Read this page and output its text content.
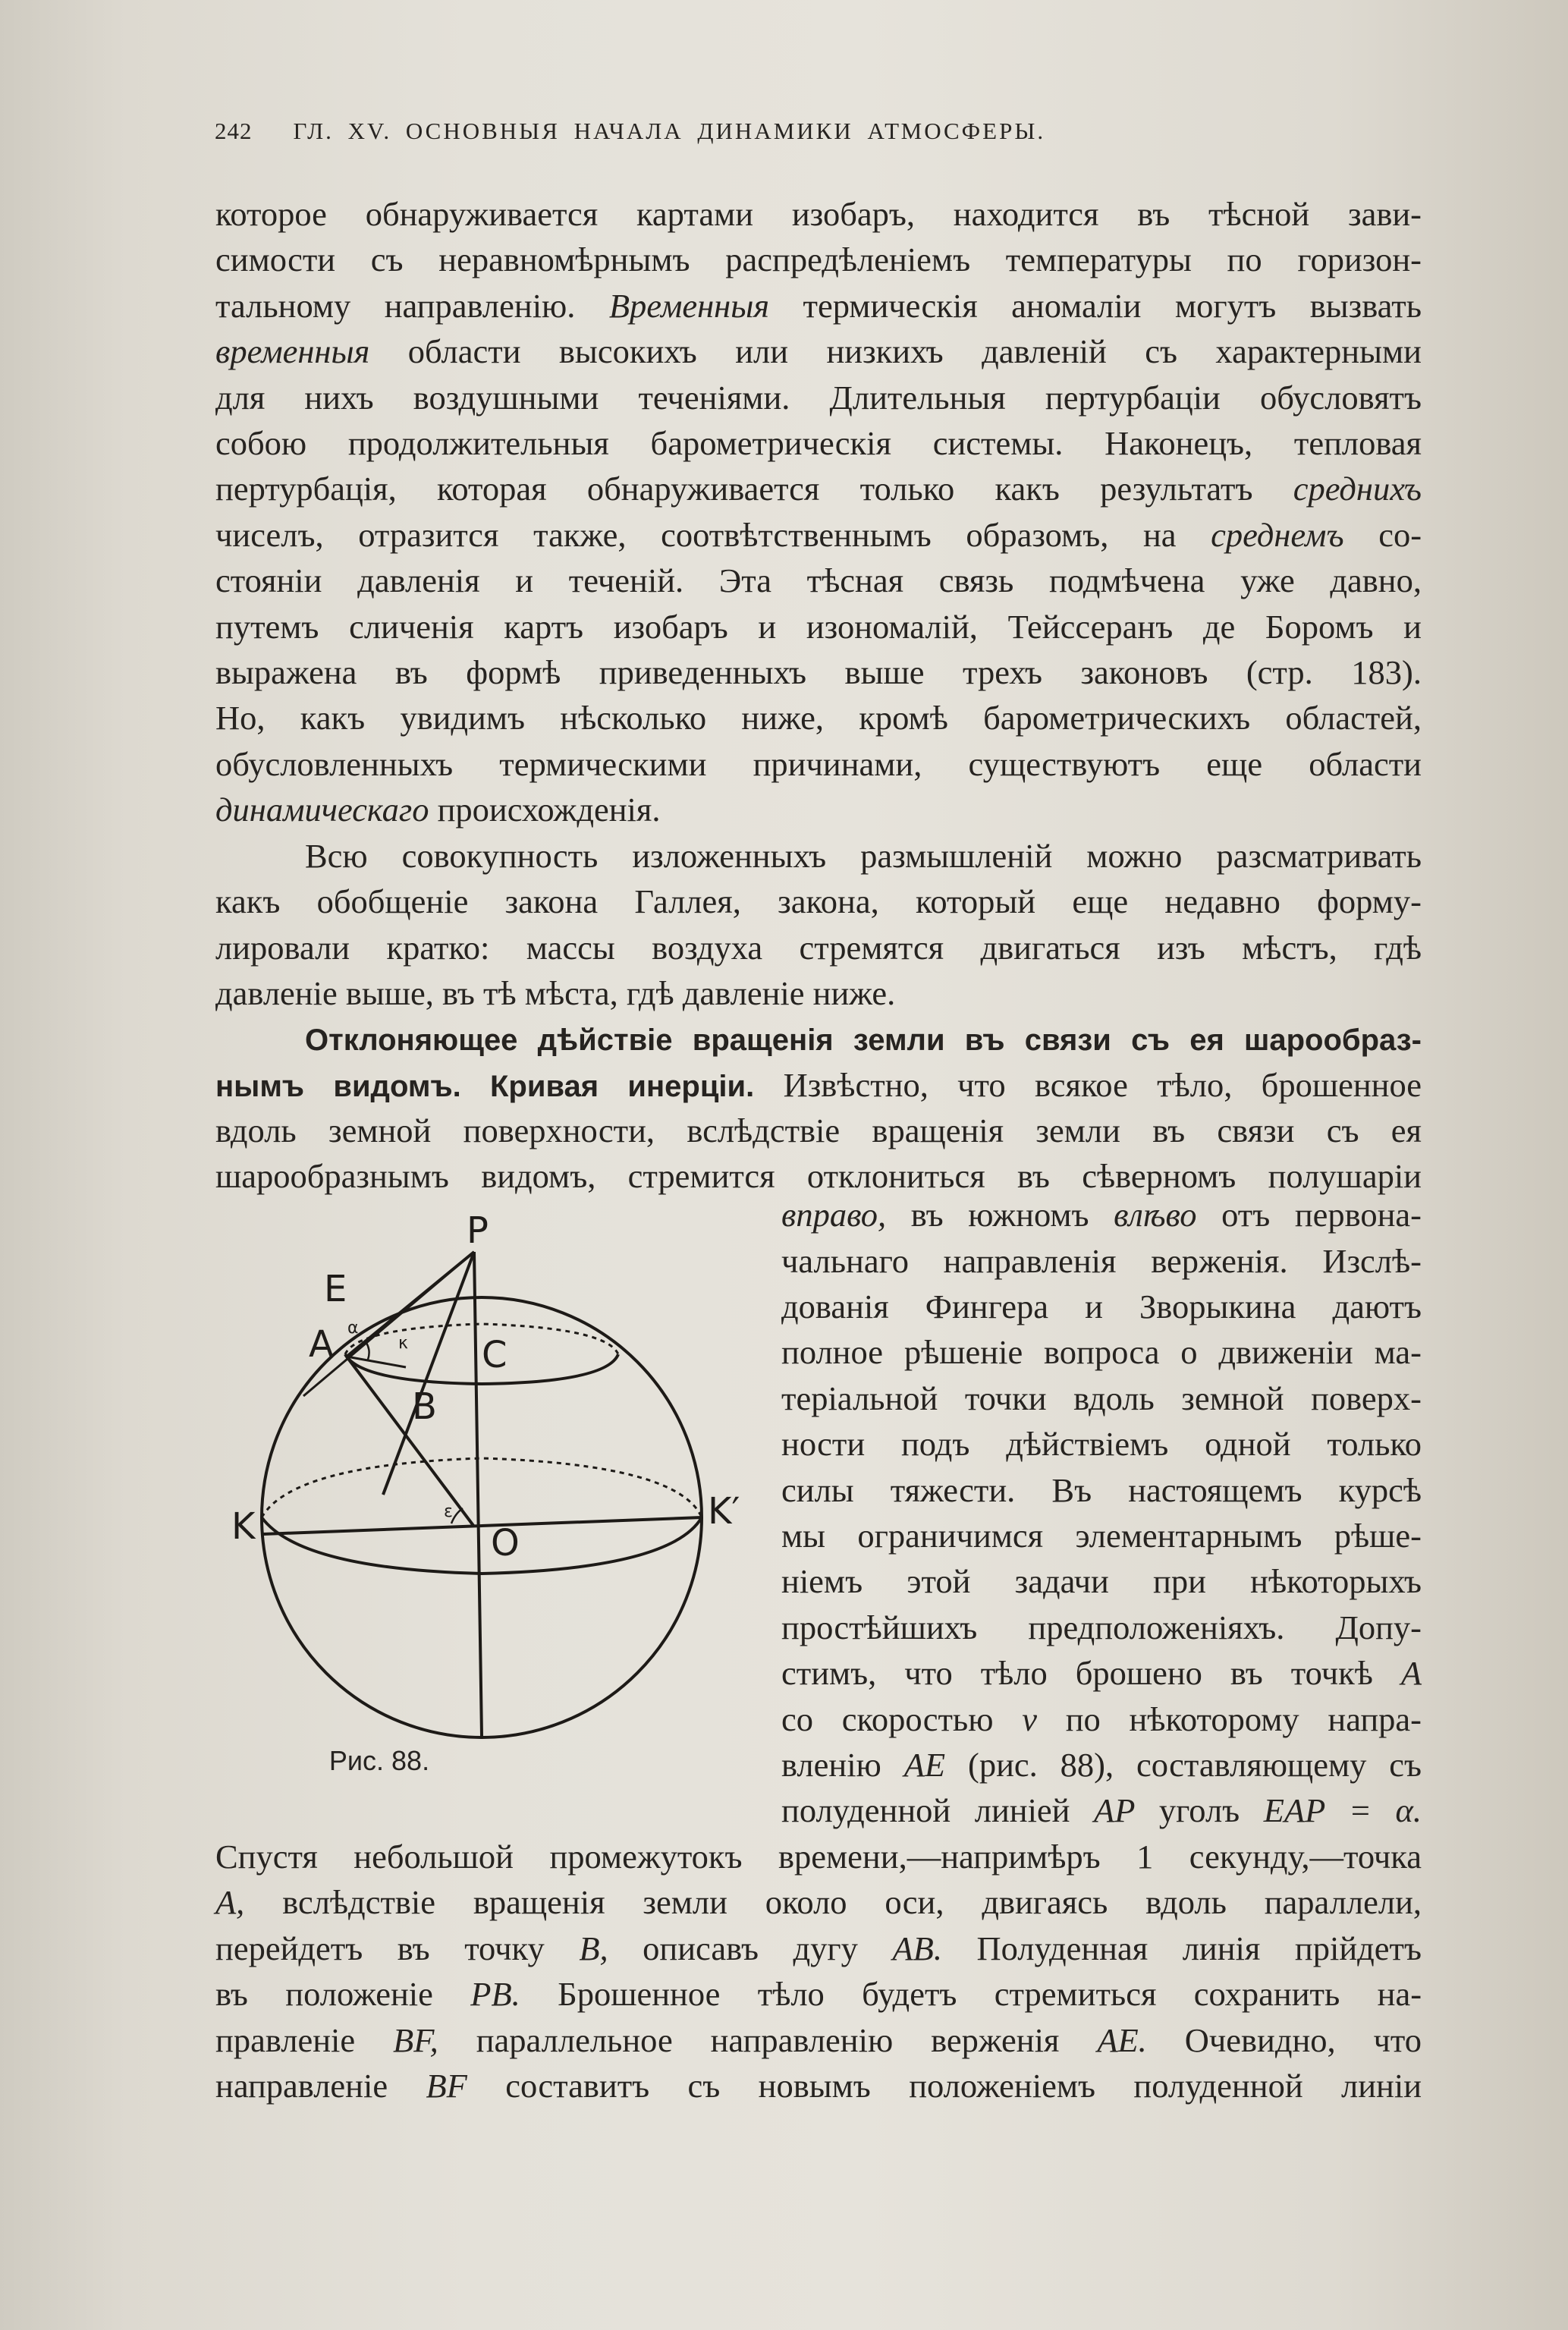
242 ГЛ. XV. ОСНОВНЫЯ НАЧАЛА ДИНАМИКИ АТМОСФЕРЫ.
которое обнаруживается картами изобаръ, находится въ тѣсной зави-
симости съ неравномѣрнымъ распредѣленіемъ температуры по горизон-
тальному направленію. Временныя термическія аномаліи могутъ вызвать
временныя области высокихъ или низкихъ давленій съ характерными
для нихъ воздушными теченіями. Длительныя пертурбаціи обусловятъ
собою продолжительныя барометрическія системы. Наконецъ, тепловая
пертурбація, которая обнаруживается только какъ результатъ среднихъ
чиселъ, отразится также, соотвѣтственнымъ образомъ, на среднемъ со-
стояніи давленія и теченій. Эта тѣсная связь подмѣчена уже давно,
путемъ сличенія картъ изобаръ и изономалій, Тейссеранъ де Боромъ и
выражена въ формѣ приведенныхъ выше трехъ законовъ (стр. 183).
Но, какъ увидимъ нѣсколько ниже, кромѣ барометрическихъ областей,
обусловленныхъ термическими причинами, существуютъ еще области
динамическаго происхожденія.
Всю совокупность изложенныхъ размышленій можно разсматривать
какъ обобщеніе закона Галлея, закона, который еще недавно форму-
лировали кратко: массы воздуха стремятся двигаться изъ мѣстъ, гдѣ
давленіе выше, въ тѣ мѣста, гдѣ давленіе ниже.
Отклоняющее дѣйствіе вращенія земли въ связи съ ея шарообраз-
нымъ видомъ. Кривая инерціи. Извѣстно, что всякое тѣло, брошенное
вдоль земной поверхности, вслѣдствіе вращенія земли въ связи съ ея
шарообразнымъ видомъ, стремится отклониться въ сѣверномъ полушаріи
вправо, въ южномъ влѣво отъ первона-
чальнаго направленія верженія. Изслѣ-
дованія Фингера и Зворыкина даютъ
полное рѣшеніе вопроса о движеніи ма-
теріальной точки вдоль земной поверх-
ности подъ дѣйствіемъ одной только
силы тяжести. Въ настоящемъ курсѣ
мы ограничимся элементарнымъ рѣше-
ніемъ этой задачи при нѣкоторыхъ
простѣйшихъ предположеніяхъ. Допу-
стимъ, что тѣло брошено въ точкѣ A
со скоростью v по нѣкоторому напра-
вленію AE (рис. 88), составляющему съ
полуденной линіей AP уголъ EAP = α.
Спустя небольшой промежутокъ времени,—напримѣръ 1 секунду,—точка
A, вслѣдствіе вращенія земли около оси, двигаясь вдоль параллели,
перейдетъ въ точку B, описавъ дугу AB. Полуденная линія прійдетъ
въ положеніе PB. Брошенное тѣло будетъ стремиться сохранить на-
правленіе BF, параллельное направленію верженія AE. Очевидно, что
направленіе BF составитъ съ новымъ положеніемъ полуденной линіи
P
E
A	C
B
K	K′
O
α
κ
ε
Рис. 88.
